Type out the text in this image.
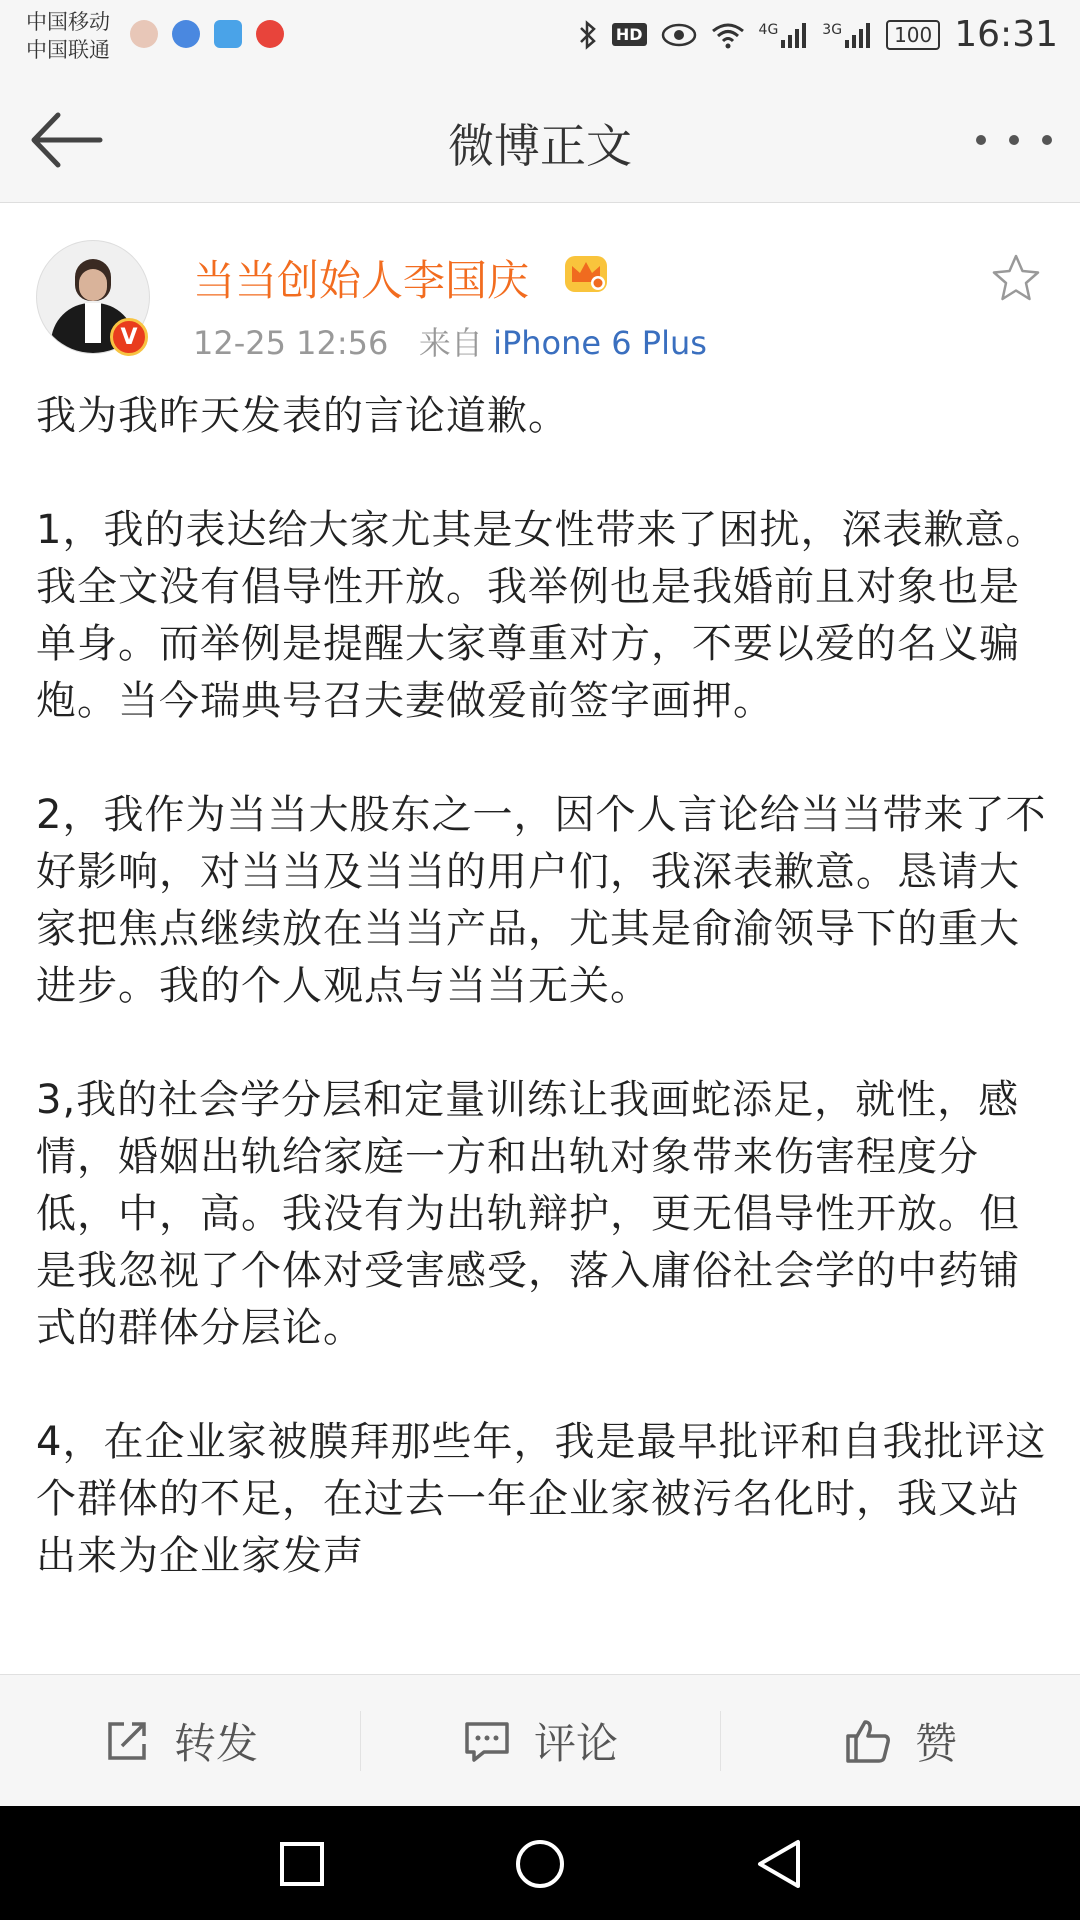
中国移动
中国联通
HD	4G	3G	100 16:31
微博正文
V
当当创始人李国庆
12-25 12:56 来自 iPhone 6 Plus
我为我昨天发表的言论道歉。

1，我的表达给大家尤其是女性带来了困扰，深表歉意。我全文没有倡导性开放。我举例也是我婚前且对象也是单身。而举例是提醒大家尊重对方，不要以爱的名义骗炮。当今瑞典号召夫妻做爱前签字画押。

2，我作为当当大股东之一，因个人言论给当当带来了不好影响，对当当及当当的用户们，我深表歉意。恳请大家把焦点继续放在当当产品，尤其是俞渝领导下的重大进步。我的个人观点与当当无关。

3,我的社会学分层和定量训练让我画蛇添足，就性，感情，婚姻出轨给家庭一方和出轨对象带来伤害程度分低，中，高。我没有为出轨辩护，更无倡导性开放。但是我忽视了个体对受害感受，落入庸俗社会学的中药铺式的群体分层论。

4，在企业家被膜拜那些年，我是最早批评和自我批评这个群体的不足，在过去一年企业家被污名化时，我又站出来为企业家发声
转发	评论	赞
